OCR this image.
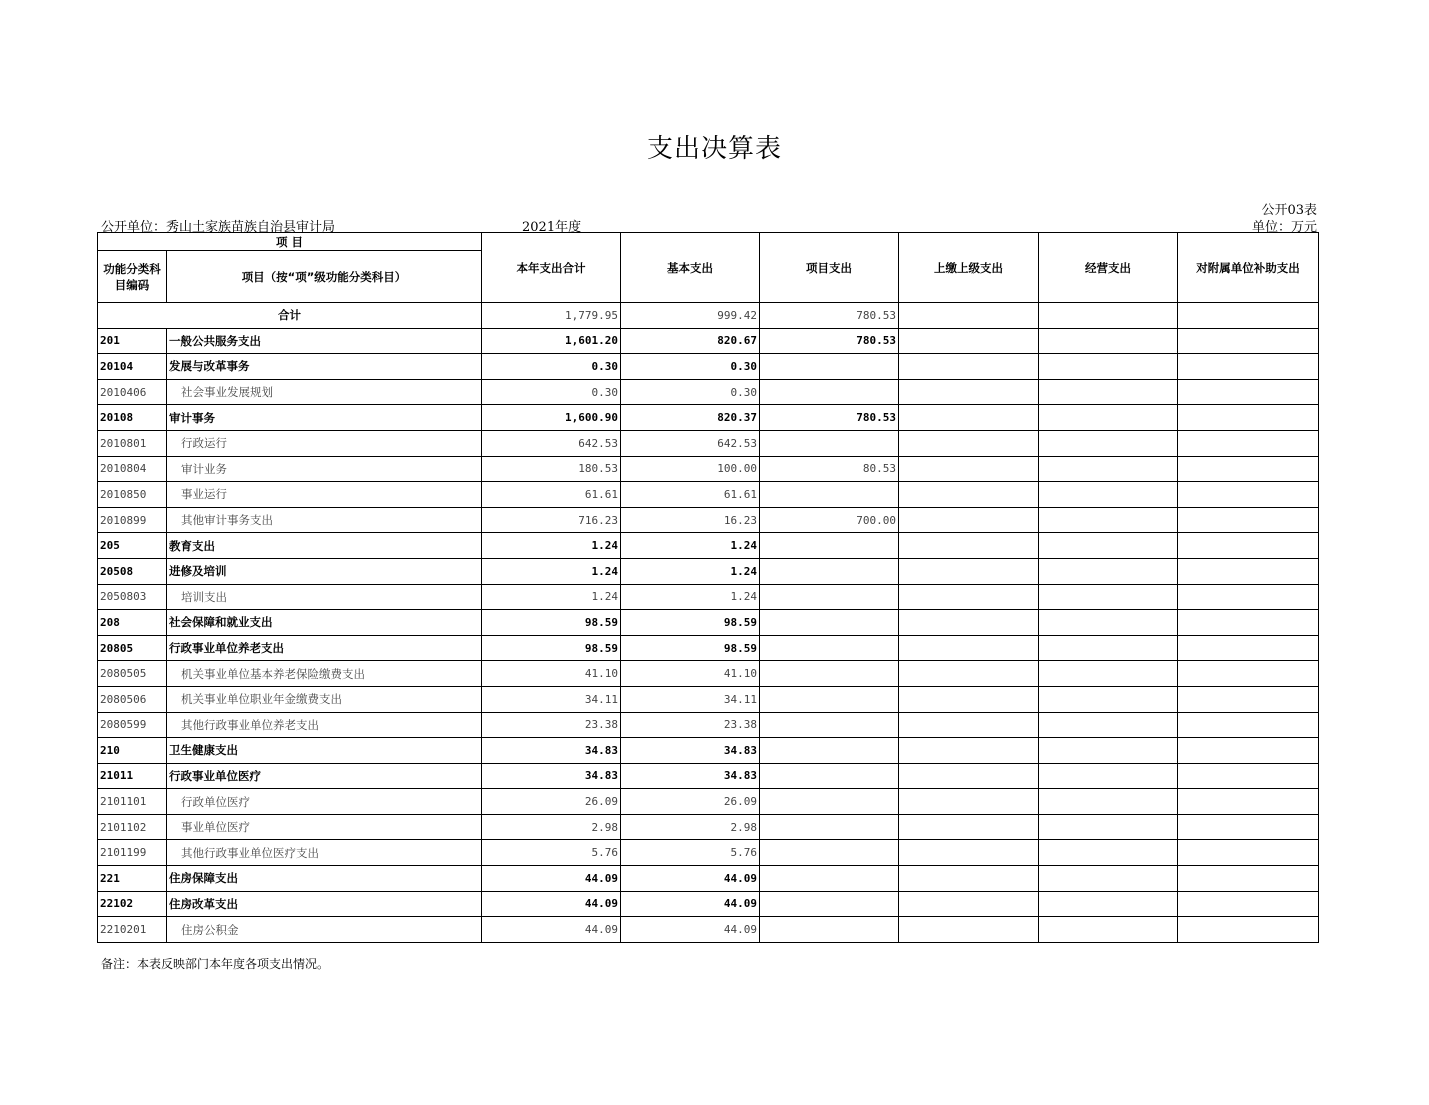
支出决算表
公开单位：秀山土家族苗族自治县审计局	2021年度
公开03表
单位：万元
项 目		本年支出合计	基本支出	项目支出	上缴上级支出	经营支出	对附属单位补助支出
功能分类科目编码	项目（按“项”级功能分类科目）						
合计		1,779.95	999.42	780.53			
201	一般公共服务支出	1,601.20	820.67	780.53			
20104	发展与改革事务	0.30	0.30				
2010406	社会事业发展规划	0.30	0.30				
20108	审计事务	1,600.90	820.37	780.53			
2010801	行政运行	642.53	642.53				
2010804	审计业务	180.53	100.00	80.53			
2010850	事业运行	61.61	61.61				
2010899	其他审计事务支出	716.23	16.23	700.00			
205	教育支出	1.24	1.24				
20508	进修及培训	1.24	1.24				
2050803	培训支出	1.24	1.24				
208	社会保障和就业支出	98.59	98.59				
20805	行政事业单位养老支出	98.59	98.59				
2080505	机关事业单位基本养老保险缴费支出	41.10	41.10				
2080506	机关事业单位职业年金缴费支出	34.11	34.11				
2080599	其他行政事业单位养老支出	23.38	23.38				
210	卫生健康支出	34.83	34.83				
21011	行政事业单位医疗	34.83	34.83				
2101101	行政单位医疗	26.09	26.09				
2101102	事业单位医疗	2.98	2.98				
2101199	其他行政事业单位医疗支出	5.76	5.76				
221	住房保障支出	44.09	44.09				
22102	住房改革支出	44.09	44.09				
2210201	住房公积金	44.09	44.09				
备注：本表反映部门本年度各项支出情况。
